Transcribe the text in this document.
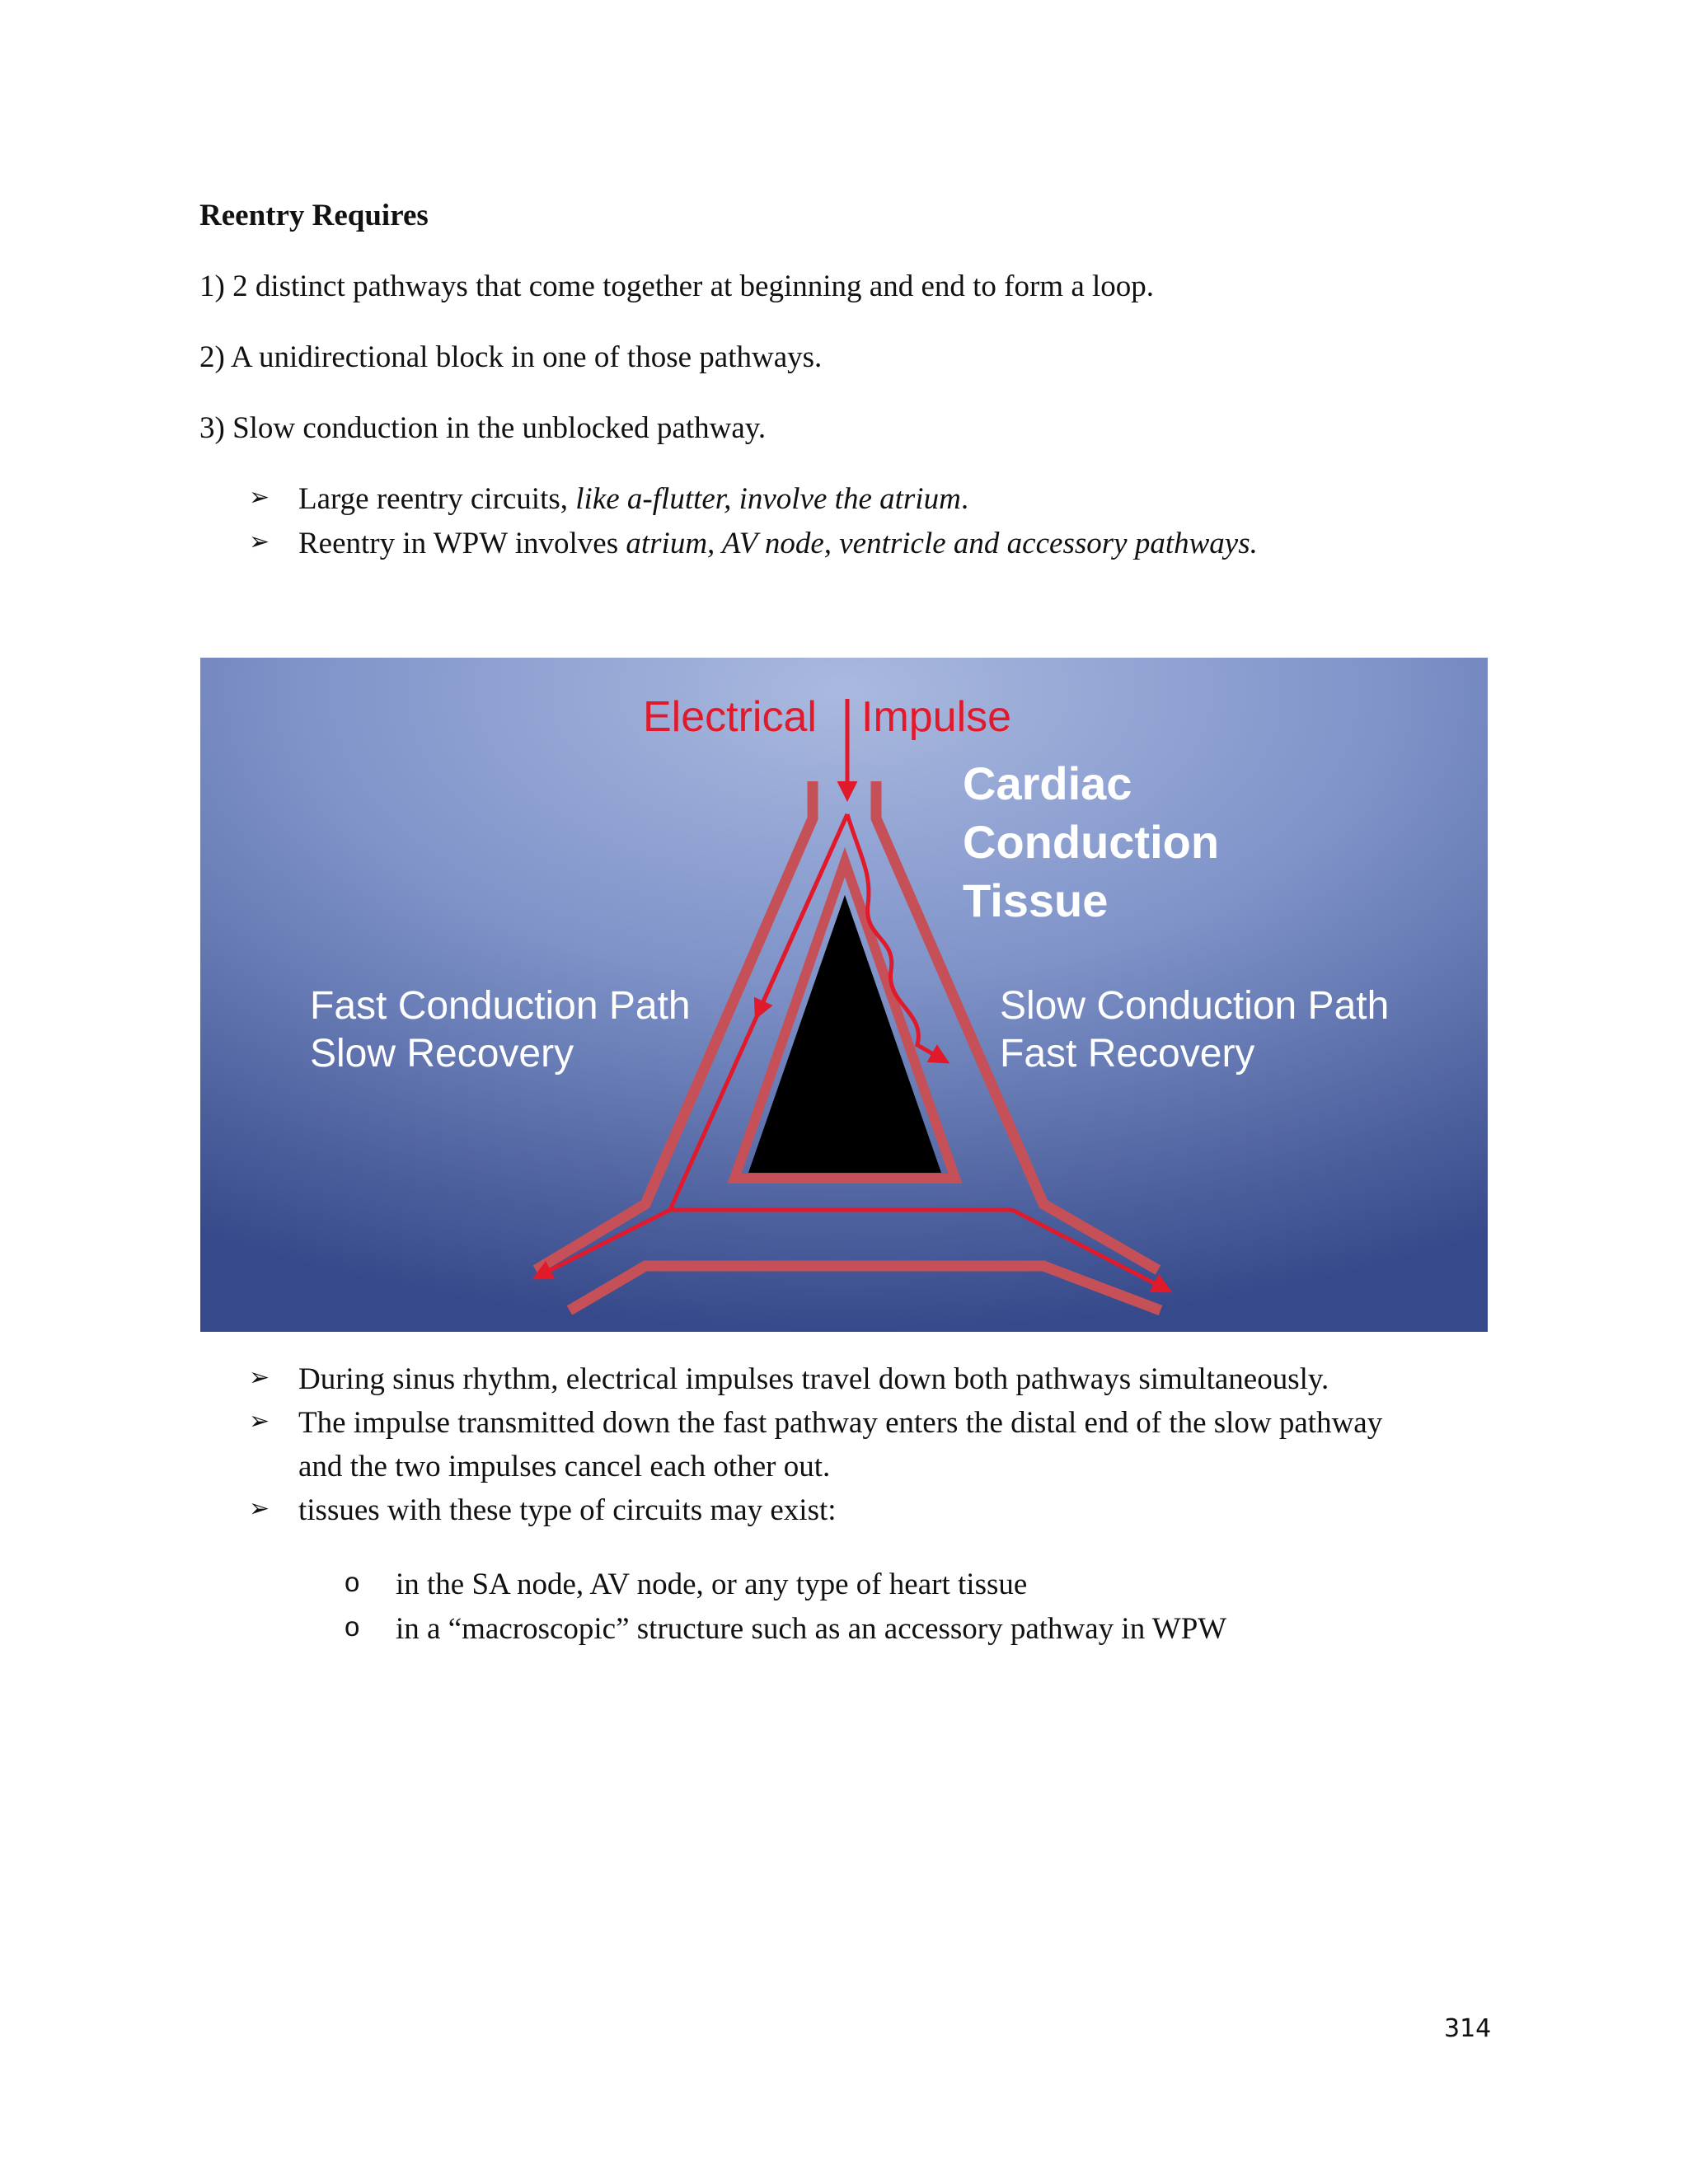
Reentry Requires
1) 2 distinct pathways that come together at beginning and end to form a loop.
2) A unidirectional block in one of those pathways.
3) Slow conduction in the unblocked pathway.
➢ Large reentry circuits, like a-flutter, involve the atrium.
➢ Reentry in WPW involves atrium, AV node, ventricle and accessory pathways.
Electrical Impulse
Cardiac
Conduction
Tissue
Fast Conduction Path
Slow Recovery
Slow Conduction Path
Fast Recovery
➢ During sinus rhythm, electrical impulses travel down both pathways simultaneously.
➢ The impulse transmitted down the fast pathway enters the distal end of the slow pathway
and the two impulses cancel each other out.
➢ tissues with these type of circuits may exist:
o in the SA node, AV node, or any type of heart tissue
o in a “macroscopic” structure such as an accessory pathway in WPW
314
